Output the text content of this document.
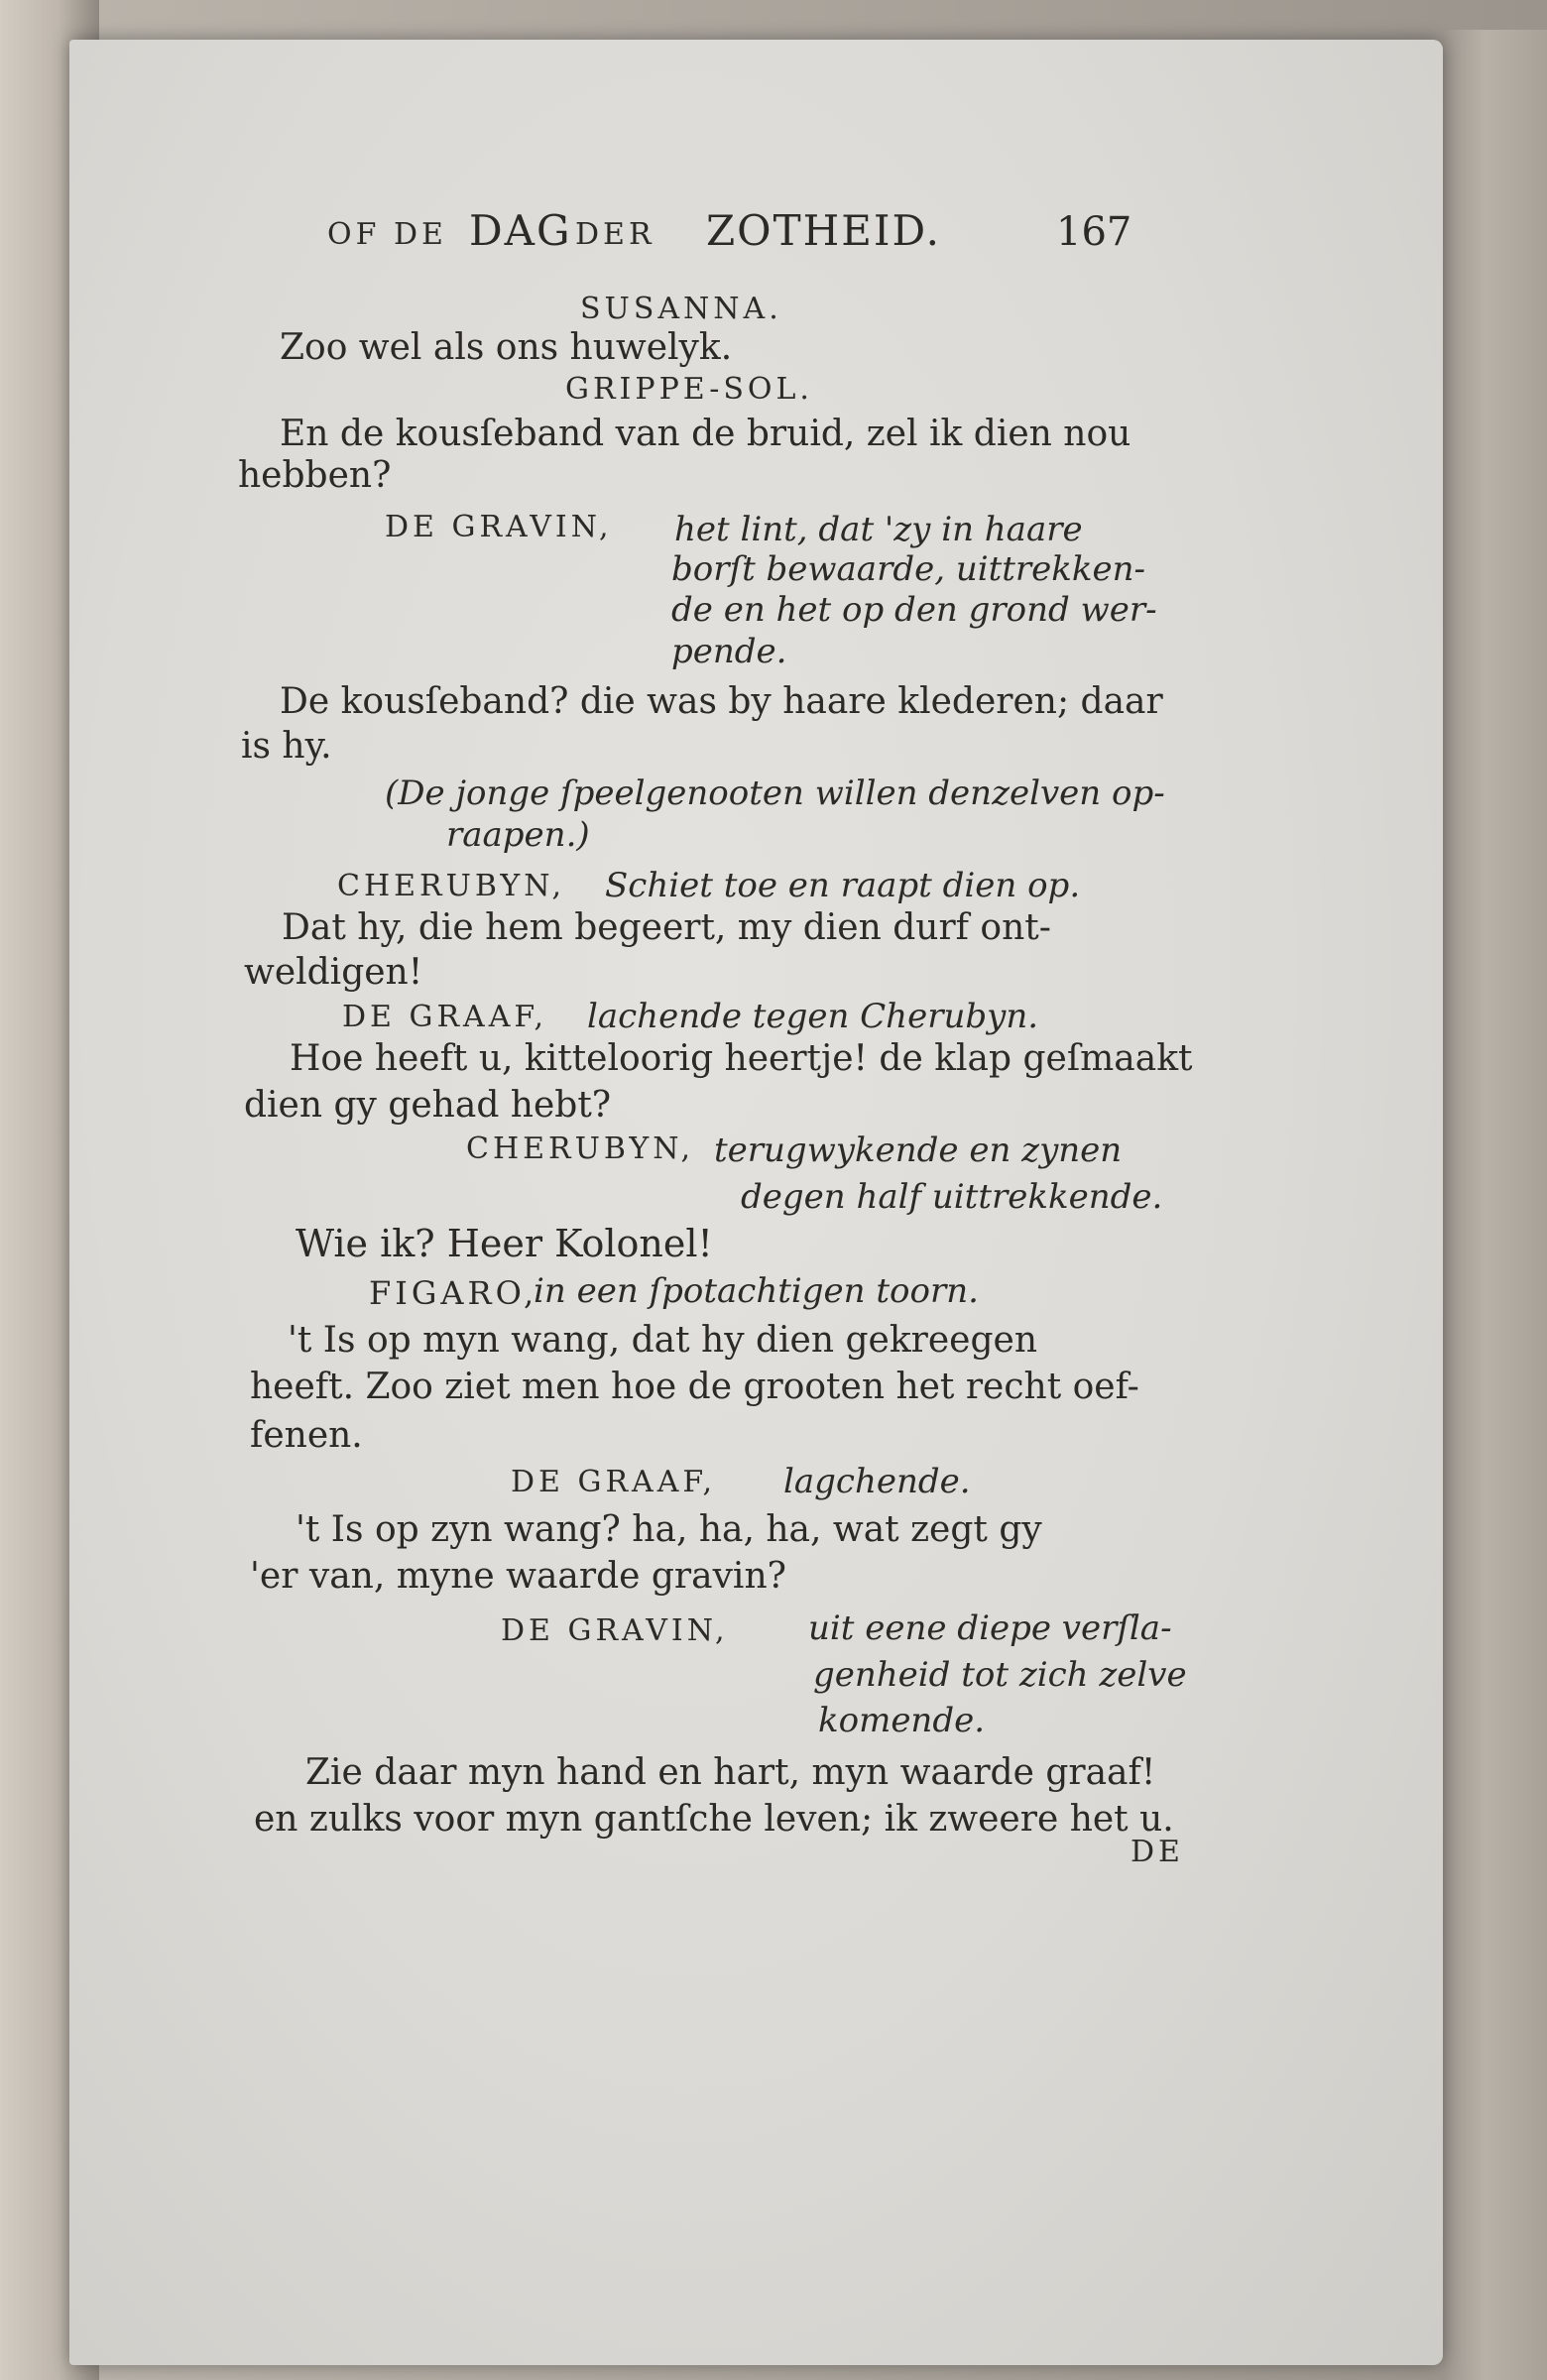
OF DE DAG DER ZOTHEID.	167
SUSANNA.
Zoo wel als ons huwelyk.
GRIPPE-SOL.
En de kousſeband van de bruid, zel ik dien nou
hebben?
DE GRAVIN, het lint, dat 'zy in haare
borſt bewaarde, uittrekken-
de en het op den grond wer-
pende.
De kousſeband? die was by haare klederen; daar
is hy.
(De jonge ſpeelgenooten willen denzelven op-
raapen.)
CHERUBYN, Schiet toe en raapt dien op.
Dat hy, die hem begeert, my dien durf ont-
weldigen!
DE GRAAF, lachende tegen Cherubyn.
Hoe heeft u, kitteloorig heertje! de klap geſmaakt
dien gy gehad hebt?
CHERUBYN, terugwykende en zynen
degen half uittrekkende.
Wie ik? Heer Kolonel!
FIGARO,
in een ſpotachtigen toorn.
't Is op myn wang, dat hy dien gekreegen
heeft. Zoo ziet men hoe de grooten het recht oef-
fenen.
DE GRAAF, lagchende.
't Is op zyn wang? ha, ha, ha, wat zegt gy
'er van, myne waarde gravin?
DE GRAVIN, uit eene diepe verſla-
genheid tot zich zelve
komende.
Zie daar myn hand en hart, myn waarde graaf!
en zulks voor myn gantſche leven; ik zweere het u.
DE
